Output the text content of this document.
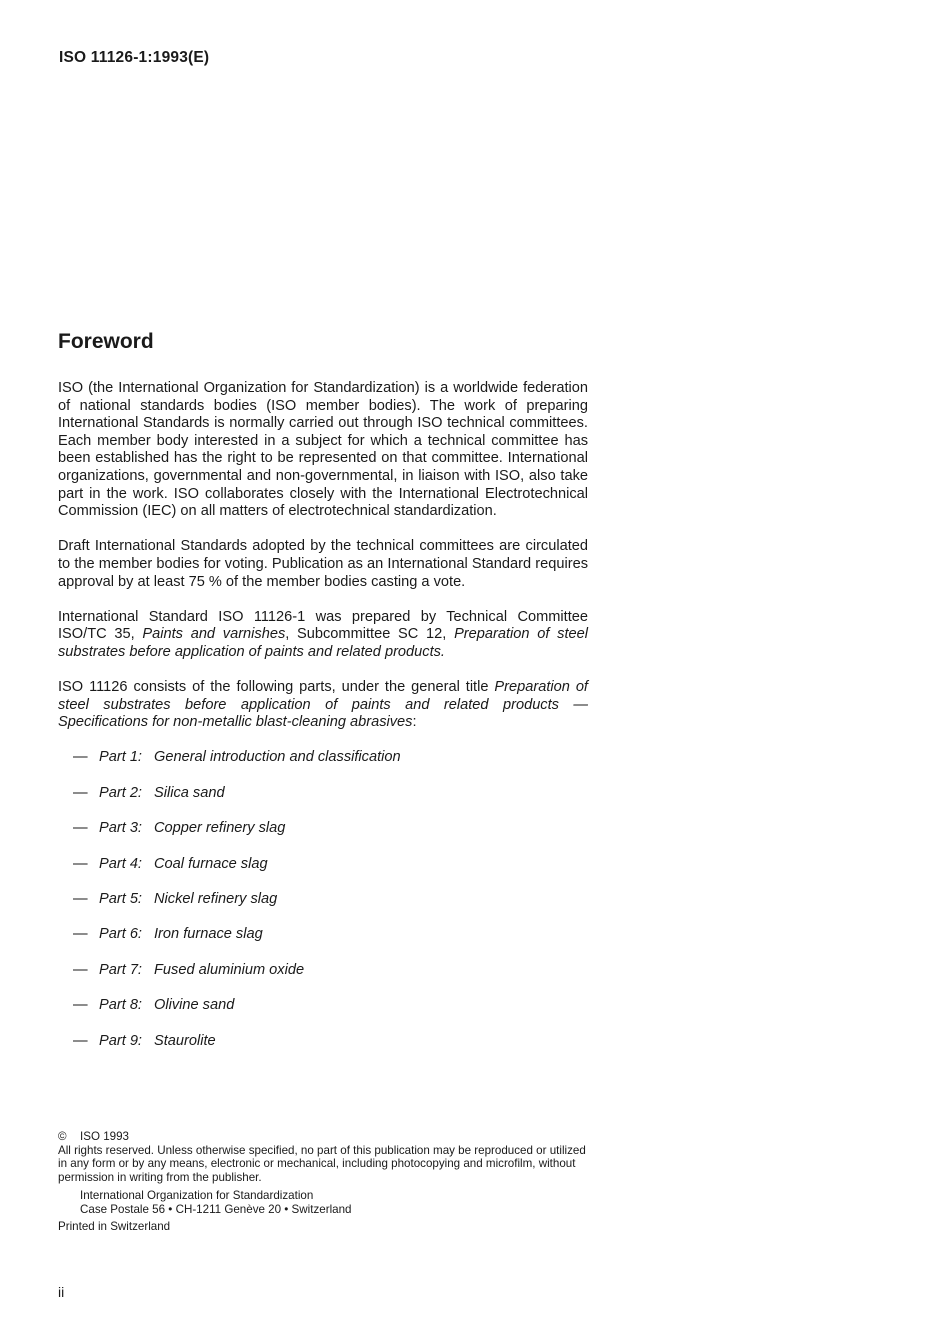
ISO 11126-1:1993(E)
Foreword

ISO (the International Organization for Standardization) is a worldwide federation of national standards bodies (ISO member bodies). The work of preparing International Standards is normally carried out through ISO technical committees. Each member body interested in a subject for which a technical committee has been established has the right to be represented on that committee. International organizations, governmental and non-governmental, in liaison with ISO, also take part in the work. ISO collaborates closely with the International Electrotechnical Commission (IEC) on all matters of electrotechnical standardization.

Draft International Standards adopted by the technical committees are circulated to the member bodies for voting. Publication as an International Standard requires approval by at least 75 % of the member bodies casting a vote.

International Standard ISO 11126-1 was prepared by Technical Committee ISO/TC 35, Paints and varnishes, Subcommittee SC 12, Preparation of steel substrates before application of paints and related products.

ISO 11126 consists of the following parts, under the general title Preparation of steel substrates before application of paints and related products — Specifications for non-metallic blast-cleaning abrasives:

— Part 1: General introduction and classification
— Part 2: Silica sand
— Part 3: Copper refinery slag
— Part 4: Coal furnace slag
— Part 5: Nickel refinery slag
— Part 6: Iron furnace slag
— Part 7: Fused aluminium oxide
— Part 8: Olivine sand
— Part 9: Staurolite
© ISO 1993
All rights reserved. Unless otherwise specified, no part of this publication may be reproduced or utilized in any form or by any means, electronic or mechanical, including photocopying and microfilm, without permission in writing from the publisher.
International Organization for Standardization
Case Postale 56 • CH-1211 Genève 20 • Switzerland
Printed in Switzerland
ii
